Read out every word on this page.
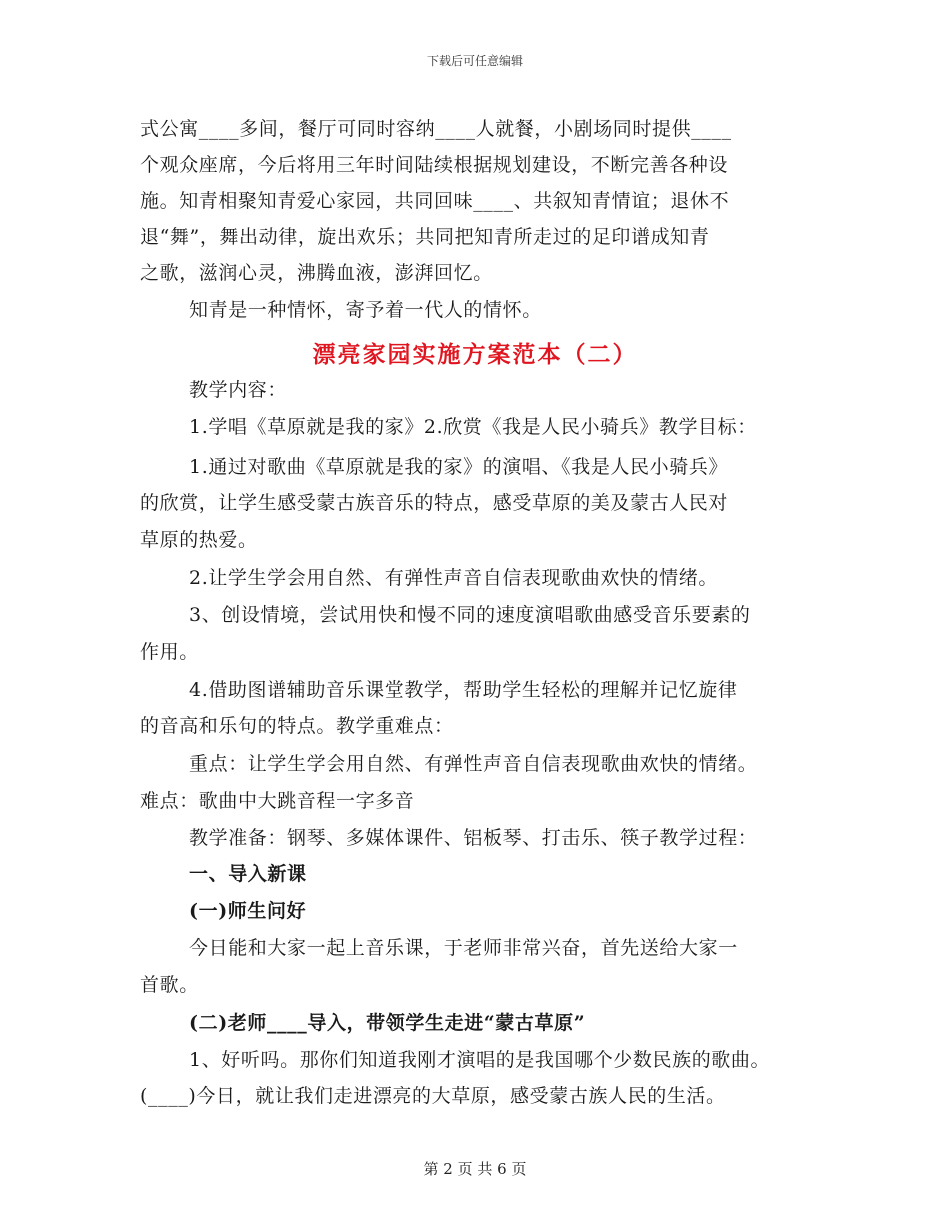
下载后可任意编辑
式公寓____多间，餐厅可同时容纳____人就餐，小剧场同时提供____
个观众座席，今后将用三年时间陆续根据规划建设，不断完善各种设
施。知青相聚知青爱心家园，共同回味____、共叙知青情谊；退休不
退“舞”，舞出动律，旋出欢乐；共同把知青所走过的足印谱成知青
之歌，滋润心灵，沸腾血液，澎湃回忆。
知青是一种情怀，寄予着一代人的情怀。
漂亮家园实施方案范本（二）
教学内容：
1.学唱《草原就是我的家》2.欣赏《我是人民小骑兵》教学目标：
1.通过对歌曲《草原就是我的家》的演唱、《我是人民小骑兵》
的欣赏，让学生感受蒙古族音乐的特点，感受草原的美及蒙古人民对
草原的热爱。
2.让学生学会用自然、有弹性声音自信表现歌曲欢快的情绪。
3、创设情境，尝试用快和慢不同的速度演唱歌曲感受音乐要素的
作用。
4.借助图谱辅助音乐课堂教学，帮助学生轻松的理解并记忆旋律
的音高和乐句的特点。教学重难点：
重点：让学生学会用自然、有弹性声音自信表现歌曲欢快的情绪。
难点：歌曲中大跳音程一字多音
教学准备：钢琴、多媒体课件、铝板琴、打击乐、筷子教学过程：
一、导入新课
(一)师生问好
今日能和大家一起上音乐课，于老师非常兴奋，首先送给大家一
首歌。
(二)老师____导入，带领学生走进“蒙古草原”
1、好听吗。那你们知道我刚才演唱的是我国哪个少数民族的歌曲。
(____)今日，就让我们走进漂亮的大草原，感受蒙古族人民的生活。
第 2 页 共 6 页
